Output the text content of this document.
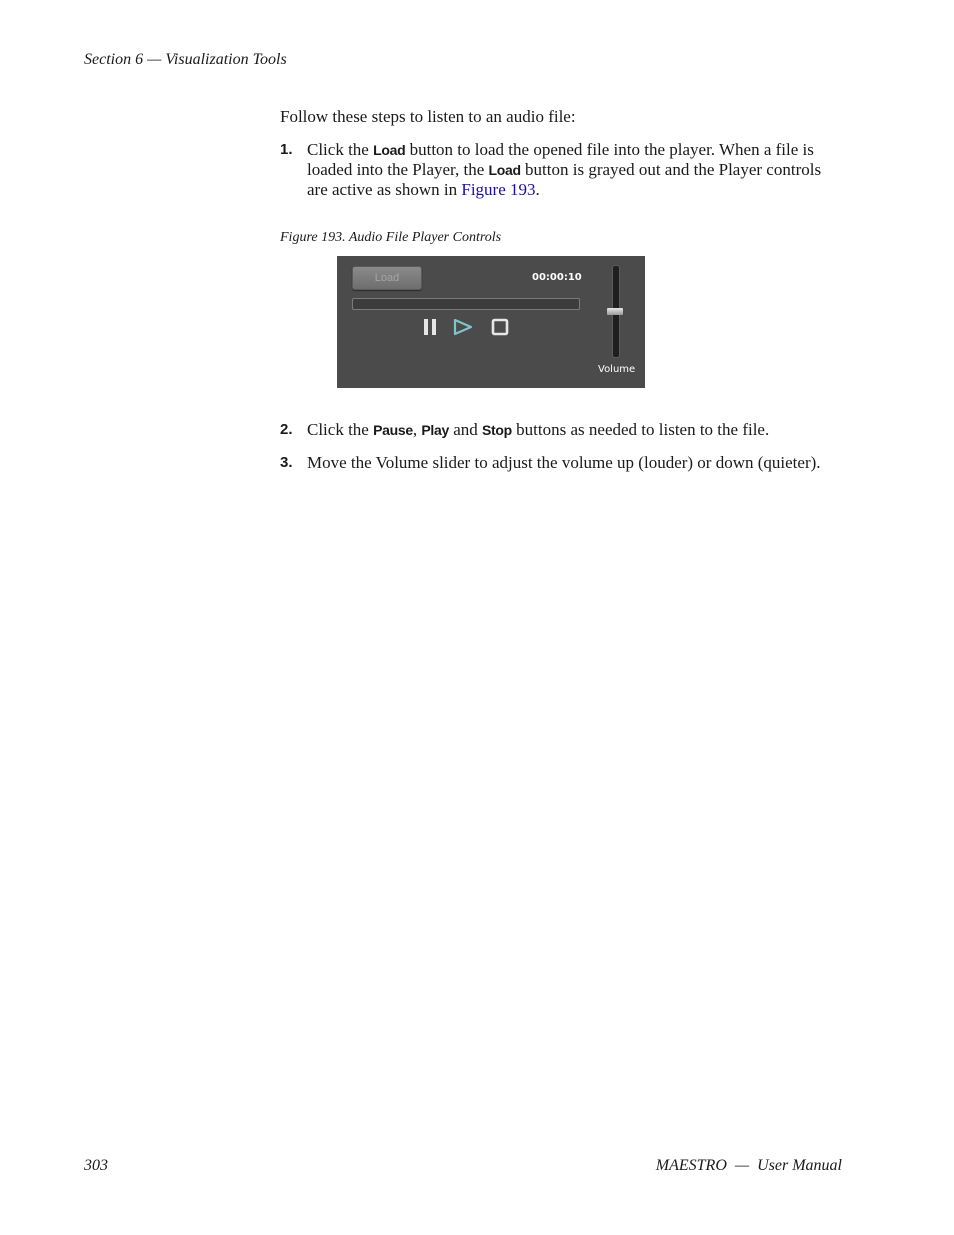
Section 6 — Visualization Tools
Follow these steps to listen to an audio file:
1. Click the Load button to load the opened file into the player. When a file is loaded into the Player, the Load button is grayed out and the Player controls are active as shown in Figure 193.
Figure 193. Audio File Player Controls
Load	00:00:10
Volume
2. Click the Pause, Play and Stop buttons as needed to listen to the file.
3. Move the Volume slider to adjust the volume up (louder) or down (quieter).
303	MAESTRO  —  User Manual
